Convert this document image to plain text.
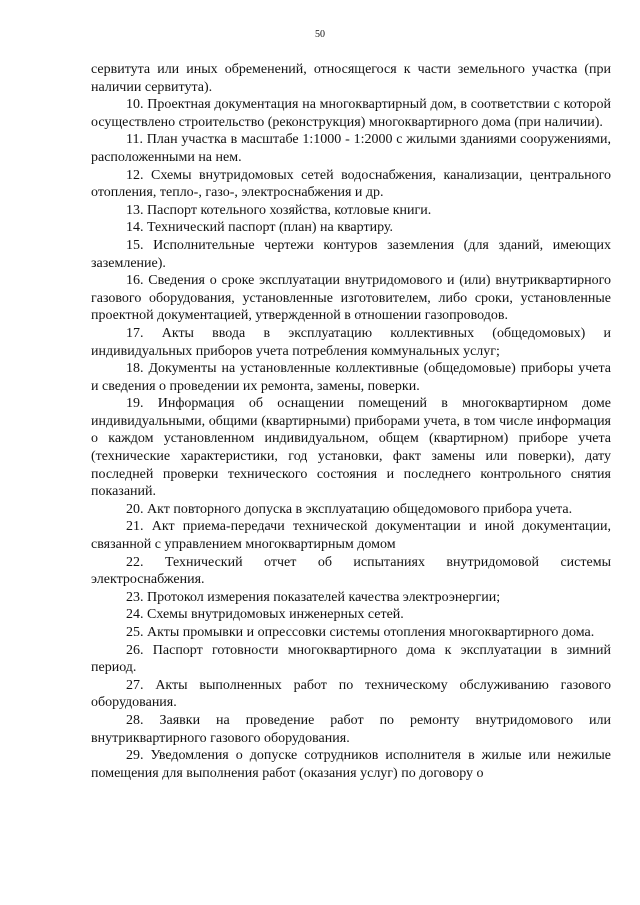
50

сервитута или иных обременений, относящегося к части земельного участка (при наличии сервитута).

10. Проектная документация на многоквартирный дом, в соответствии с которой осуществлено строительство (реконструкция) многоквартирного дома (при наличии).

11. План участка в масштабе 1:1000 - 1:2000 с жилыми зданиями сооружениями, расположенными на нем.

12. Схемы внутридомовых сетей водоснабжения, канализации, центрального отопления, тепло-, газо-, электроснабжения и др.

13. Паспорт котельного хозяйства, котловые книги.

14. Технический паспорт (план) на квартиру.

15. Исполнительные чертежи контуров заземления (для зданий, имеющих заземление).

16. Сведения о сроке эксплуатации внутридомового и (или) внутриквартирного газового оборудования, установленные изготовителем, либо сроки, установленные проектной документацией, утвержденной в отношении газопроводов.

17. Акты ввода в эксплуатацию коллективных (общедомовых) и индивидуальных приборов учета потребления коммунальных услуг;

18. Документы на установленные коллективные (общедомовые) приборы учета и сведения о проведении их ремонта, замены, поверки.

19. Информация об оснащении помещений в многоквартирном доме индивидуальными, общими (квартирными) приборами учета, в том числе информация о каждом установленном индивидуальном, общем (квартирном) приборе учета (технические характеристики, год установки, факт замены или поверки), дату последней проверки технического состояния и последнего контрольного снятия показаний.

20. Акт повторного допуска в эксплуатацию общедомового прибора учета.

21. Акт приема-передачи технической документации и иной документации, связанной с управлением многоквартирным домом

22. Технический отчет об испытаниях внутридомовой системы электроснабжения.

23. Протокол измерения показателей качества электроэнергии;

24. Схемы внутридомовых инженерных сетей.

25. Акты промывки и опрессовки системы отопления многоквартирного дома.

26. Паспорт готовности многоквартирного дома к эксплуатации в зимний период.

27. Акты выполненных работ по техническому обслуживанию газового оборудования.

28. Заявки на проведение работ по ремонту внутридомового или внутриквартирного газового оборудования.

29. Уведомления о допуске сотрудников исполнителя в жилые или нежилые помещения для выполнения работ (оказания услуг) по договору о
